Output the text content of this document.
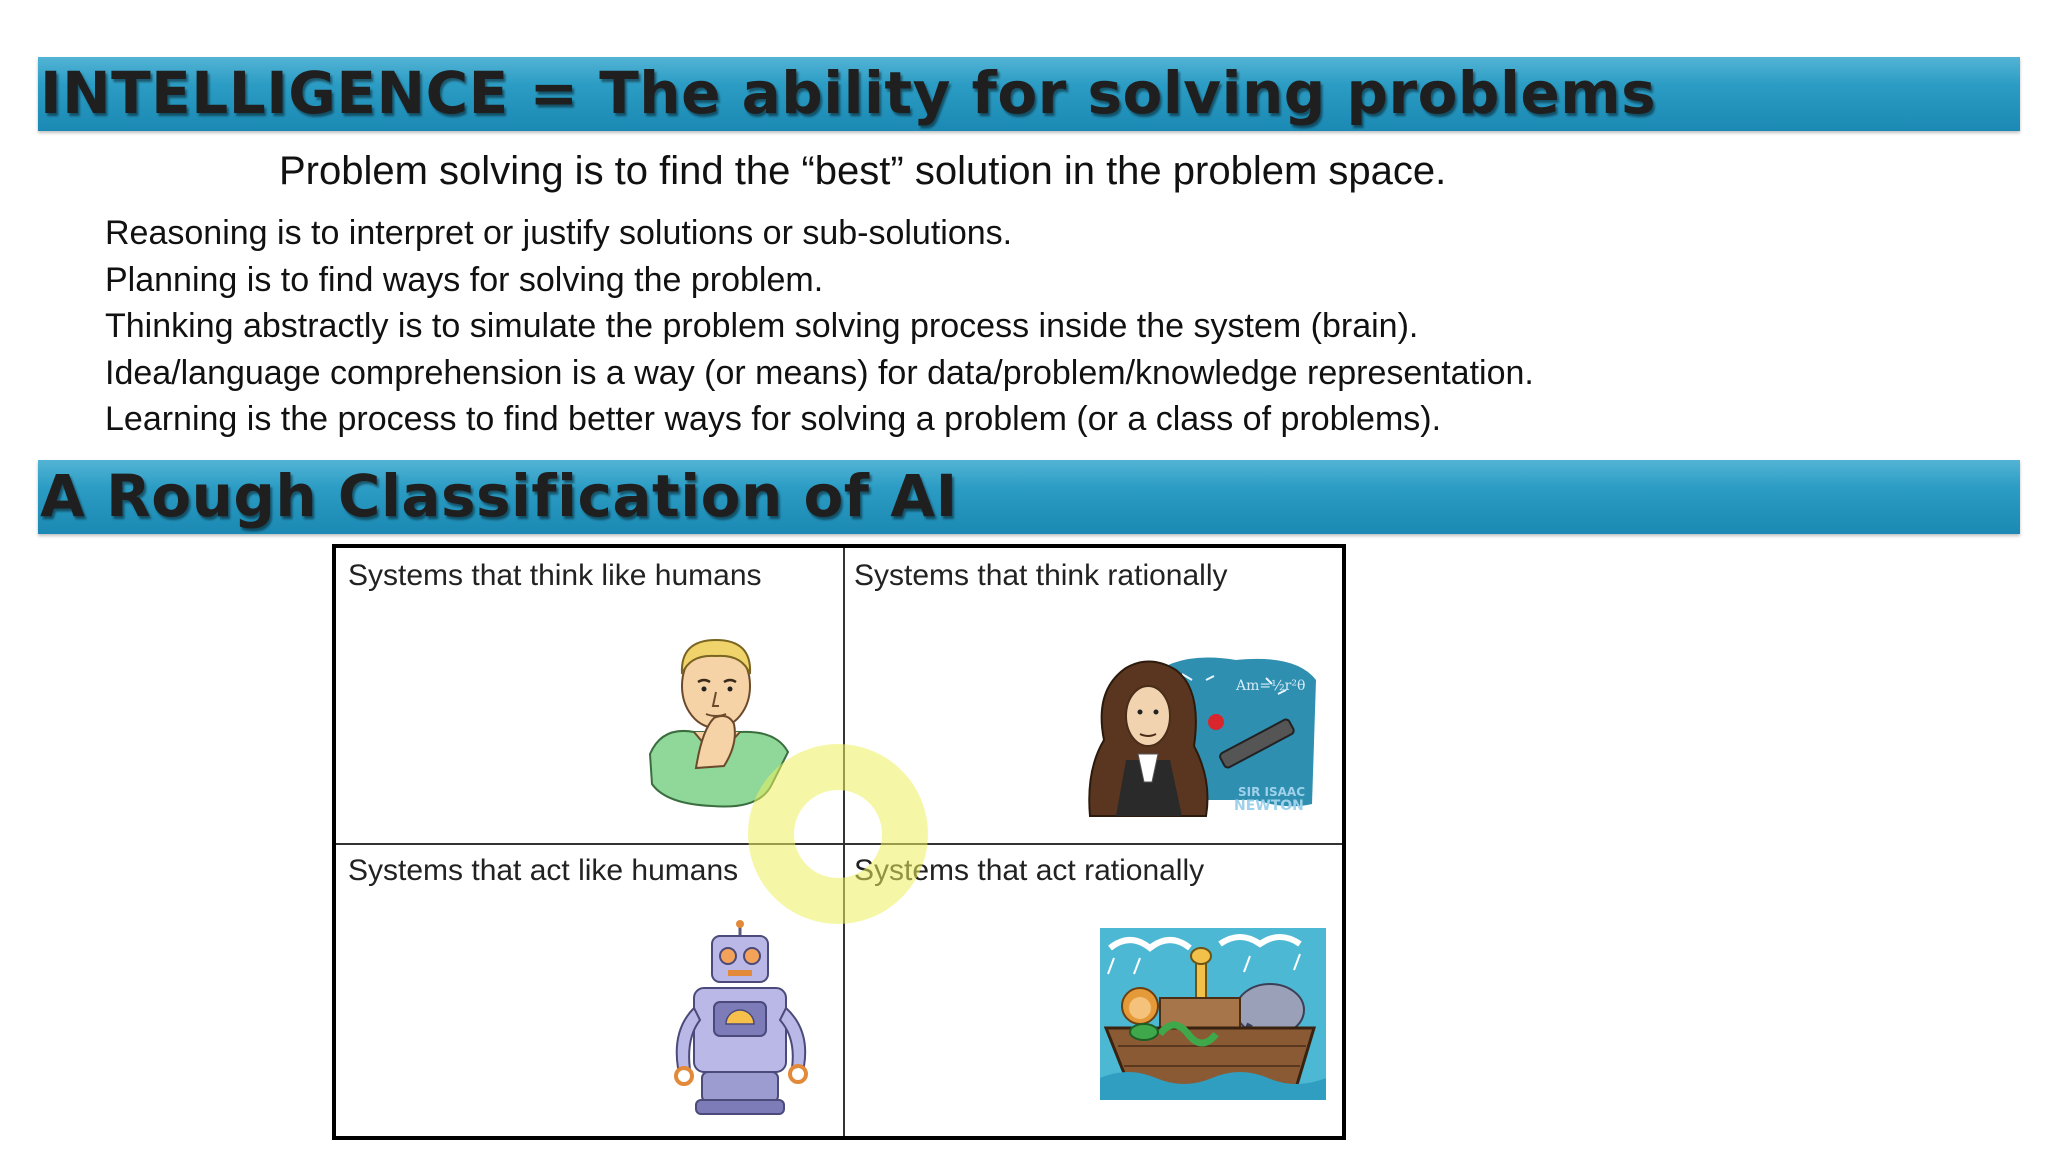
INTELLIGENCE = The ability for solving problems
Problem solving is to find the “best” solution in the problem space.
Reasoning is to interpret or justify solutions or sub-solutions.
Planning is to find ways for solving the problem.
Thinking abstractly is to simulate the problem solving process inside the system (brain).
Idea/language comprehension is a way (or means) for data/problem/knowledge representation.
Learning is the process to find better ways for solving a problem (or a class of problems).
A Rough Classification of AI
Systems that think like humans	Systems that think rationally
Systems that act like humans	Systems that act rationally
Am=½r²θ
SIR ISAAC
NEWTON
